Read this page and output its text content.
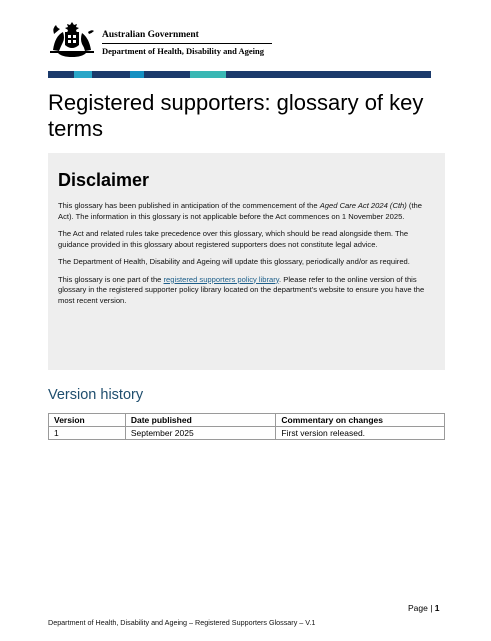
Australian Government
Department of Health, Disability and Ageing
Registered supporters: glossary of key terms
Disclaimer

This glossary has been published in anticipation of the commencement of the Aged Care Act 2024 (Cth) (the Act). The information in this glossary is not applicable before the Act commences on 1 November 2025.

The Act and related rules take precedence over this glossary, which should be read alongside them. The guidance provided in this glossary about registered supporters does not constitute legal advice.

The Department of Health, Disability and Ageing will update this glossary, periodically and/or as required.

This glossary is one part of the registered supporters policy library. Please refer to the online version of this glossary in the registered supporter policy library located on the department’s website to ensure you have the most recent version.

Version history
Version	Date published	Commentary on changes
1	September 2025	First version released.
Page | 1
Department of Health, Disability and Ageing – Registered Supporters Glossary – V.1
